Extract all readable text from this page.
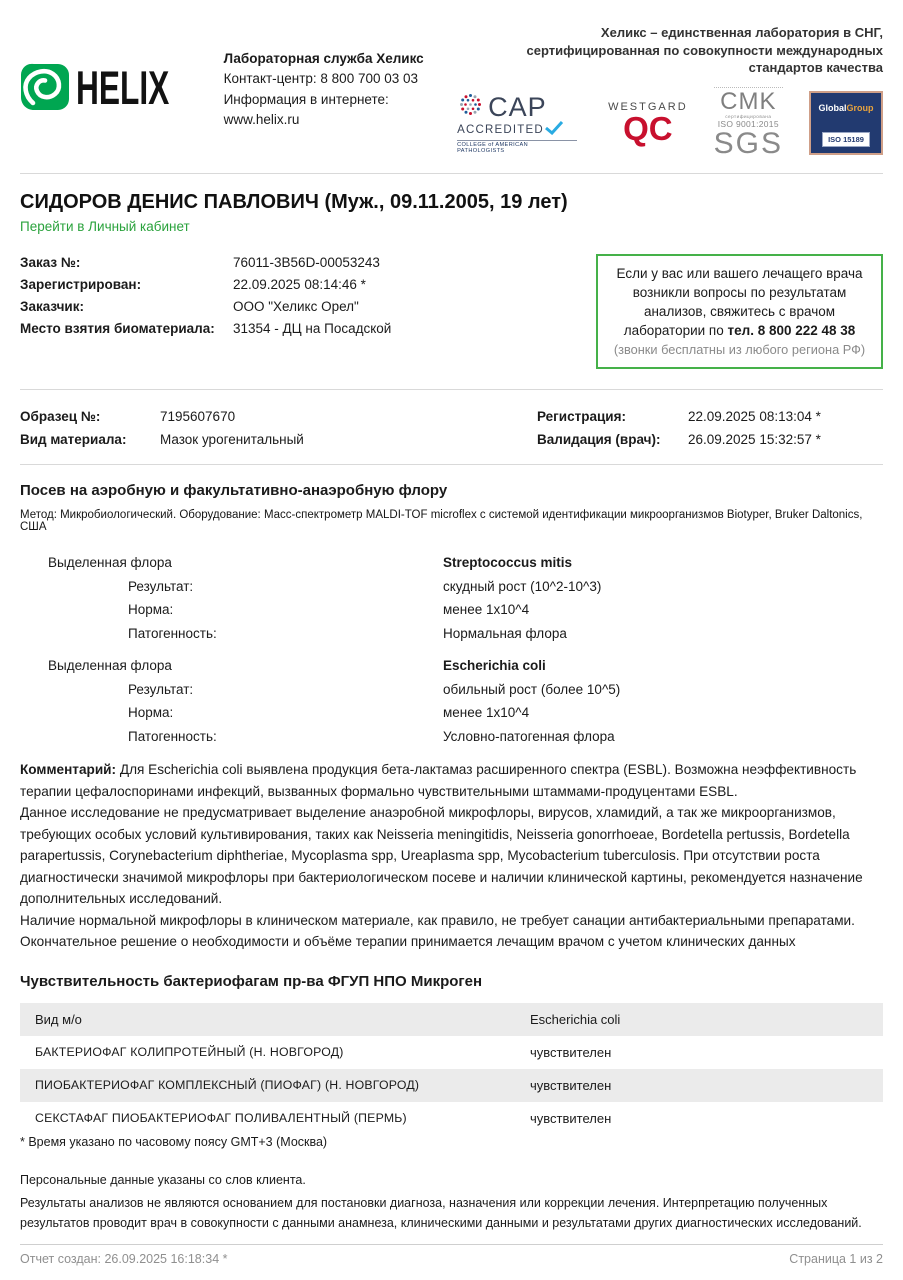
HELIX
Лабораторная служба Хеликс
Контакт-центр: 8 800 700 03 03
Информация в интернете: www.helix.ru
Хеликс – единственная лаборатория в СНГ,
сертифицированная по совокупности международных
стандартов качества
CAP
ACCREDITED
COLLEGE of AMERICAN PATHOLOGISTS
WESTGARD
QC
CMK
сертифицирована
ISO 9001:2015
SGS
GlobalGroup
ISO 15189
СИДОРОВ ДЕНИС ПАВЛОВИЧ (Муж., 09.11.2005, 19 лет)
Перейти в Личный кабинет
Заказ №:	76011-3B56D-00053243
Зарегистрирован:	22.09.2025 08:14:46 *
Заказчик:	ООО "Хеликс Орел"
Место взятия биоматериала:	31354 - ДЦ на Посадской
Если у вас или вашего лечащего врача возникли вопросы по результатам анализов, свяжитесь с врачом лаборатории по тел. 8 800 222 48 38
(звонки бесплатны из любого региона РФ)
Образец №:	7195607670
Вид материала:	Мазок урогенитальный
Регистрация:	22.09.2025 08:13:04 *
Валидация (врач):	26.09.2025 15:32:57 *
Посев на аэробную и факультативно-анаэробную флору
Метод: Микробиологический. Оборудование: Масс-спектрометр MALDI-TOF microflex с системой идентификации микроорганизмов Biotyper, Bruker Daltonics, США
Выделенная флора	Streptococcus mitis
Результат:	скудный рост (10^2-10^3)
Норма:	менее 1x10^4
Патогенность:	Нормальная флора
Выделенная флора	Escherichia coli
Результат:	обильный рост (более 10^5)
Норма:	менее 1x10^4
Патогенность:	Условно-патогенная флора
Комментарий: Для Escherichia coli выявлена продукция бета-лактамаз расширенного спектра (ESBL). Возможна неэффективность терапии цефалоспоринами инфекций, вызванных формально чувствительными штаммами-продуцентами ESBL.
Данное исследование не предусматривает выделение анаэробной микрофлоры, вирусов, хламидий, а так же микроорганизмов, требующих особых условий культивирования, таких как Neisseria meningitidis, Neisseria gonorrhoeae, Bordetella pertussis, Bordetella parapertussis, Corynebacterium diphtheriae, Mycoplasma spp, Ureaplasma spp, Mycobacterium tuberculosis. При отсутствии роста диагностически значимой микрофлоры при бактериологическом посеве и наличии клинической картины, рекомендуется назначение дополнительных исследований.
Наличие нормальной микрофлоры в клиническом материале, как правило, не требует санации антибактериальными препаратами.
Окончательное решение о необходимости и объёме терапии принимается лечащим врачом с учетом клинических данных
Чувствительность бактериофагам пр-ва ФГУП НПО Микроген
Вид м/о	Escherichia coli
БАКТЕРИОФАГ КОЛИПРОТЕЙНЫЙ (Н. НОВГОРОД)	чувствителен
ПИОБАКТЕРИОФАГ КОМПЛЕКСНЫЙ (ПИОФАГ) (Н. НОВГОРОД)	чувствителен
СЕКСТАФАГ ПИОБАКТЕРИОФАГ ПОЛИВАЛЕНТНЫЙ (ПЕРМЬ)	чувствителен
* Время указано по часовому поясу GMT+3 (Москва)
Персональные данные указаны со слов клиента.
Результаты анализов не являются основанием для постановки диагноза, назначения или коррекции лечения. Интерпретацию полученных результатов проводит врач в совокупности с данными анамнеза, клиническими данными и результатами других диагностических исследований.
Отчет создан: 26.09.2025 16:18:34 *	Страница 1 из 2
